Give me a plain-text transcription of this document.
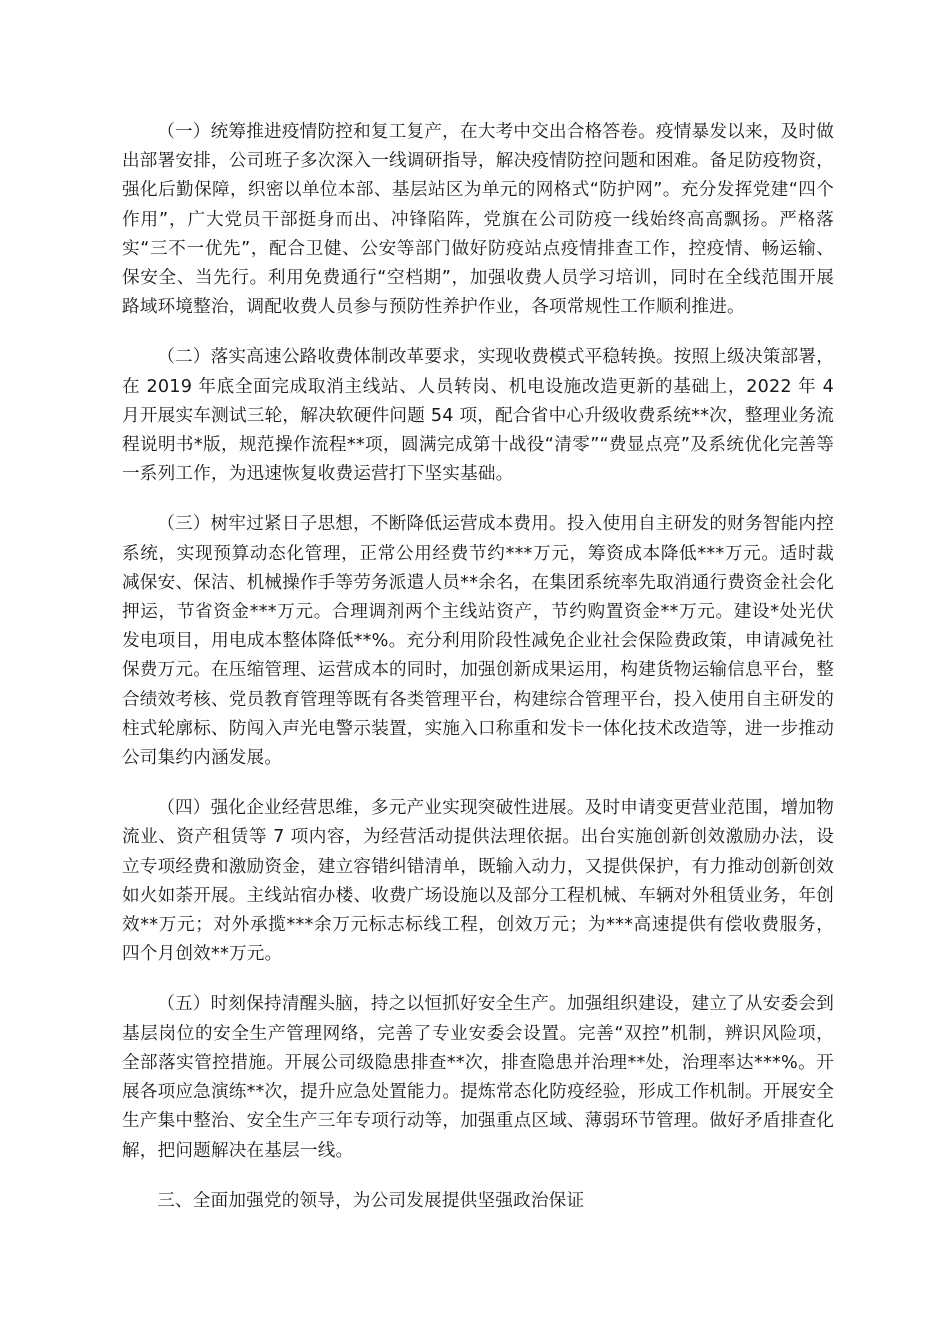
（一）统筹推进疫情防控和复工复产，在大考中交出合格答卷。疫情暴发以来，及时做出部署安排，公司班子多次深入一线调研指导，解决疫情防控问题和困难。备足防疫物资，强化后勤保障，织密以单位本部、基层站区为单元的网格式“防护网”。充分发挥党建“四个作用”，广大党员干部挺身而出、冲锋陷阵，党旗在公司防疫一线始终高高飘扬。严格落实“三不一优先”，配合卫健、公安等部门做好防疫站点疫情排查工作，控疫情、畅运输、保安全、当先行。利用免费通行“空档期”，加强收费人员学习培训，同时在全线范围开展路域环境整治，调配收费人员参与预防性养护作业，各项常规性工作顺利推进。

（二）落实高速公路收费体制改革要求，实现收费模式平稳转换。按照上级决策部署，在 2019 年底全面完成取消主线站、人员转岗、机电设施改造更新的基础上，2022 年 4 月开展实车测试三轮，解决软硬件问题 54 项，配合省中心升级收费系统**次，整理业务流程说明书*版，规范操作流程**项，圆满完成第十战役“清零”“费显点亮”及系统优化完善等一系列工作，为迅速恢复收费运营打下坚实基础。

（三）树牢过紧日子思想，不断降低运营成本费用。投入使用自主研发的财务智能内控系统，实现预算动态化管理，正常公用经费节约***万元，筹资成本降低***万元。适时裁减保安、保洁、机械操作手等劳务派遣人员**余名，在集团系统率先取消通行费资金社会化押运，节省资金***万元。合理调剂两个主线站资产，节约购置资金**万元。建设*处光伏发电项目，用电成本整体降低**%。充分利用阶段性减免企业社会保险费政策，申请减免社保费万元。在压缩管理、运营成本的同时，加强创新成果运用，构建货物运输信息平台，整合绩效考核、党员教育管理等既有各类管理平台，构建综合管理平台，投入使用自主研发的柱式轮廓标、防闯入声光电警示装置，实施入口称重和发卡一体化技术改造等，进一步推动公司集约内涵发展。

（四）强化企业经营思维，多元产业实现突破性进展。及时申请变更营业范围，增加物流业、资产租赁等 7 项内容，为经营活动提供法理依据。出台实施创新创效激励办法，设立专项经费和激励资金，建立容错纠错清单，既输入动力，又提供保护，有力推动创新创效如火如荼开展。主线站宿办楼、收费广场设施以及部分工程机械、车辆对外租赁业务，年创效**万元；对外承揽***余万元标志标线工程，创效万元；为***高速提供有偿收费服务，四个月创效**万元。

（五）时刻保持清醒头脑，持之以恒抓好安全生产。加强组织建设，建立了从安委会到基层岗位的安全生产管理网络，完善了专业安委会设置。完善“双控”机制，辨识风险项，全部落实管控措施。开展公司级隐患排查**次，排查隐患并治理**处，治理率达***%。开展各项应急演练**次，提升应急处置能力。提炼常态化防疫经验，形成工作机制。开展安全生产集中整治、安全生产三年专项行动等，加强重点区域、薄弱环节管理。做好矛盾排查化解，把问题解决在基层一线。

三、全面加强党的领导，为公司发展提供坚强政治保证
